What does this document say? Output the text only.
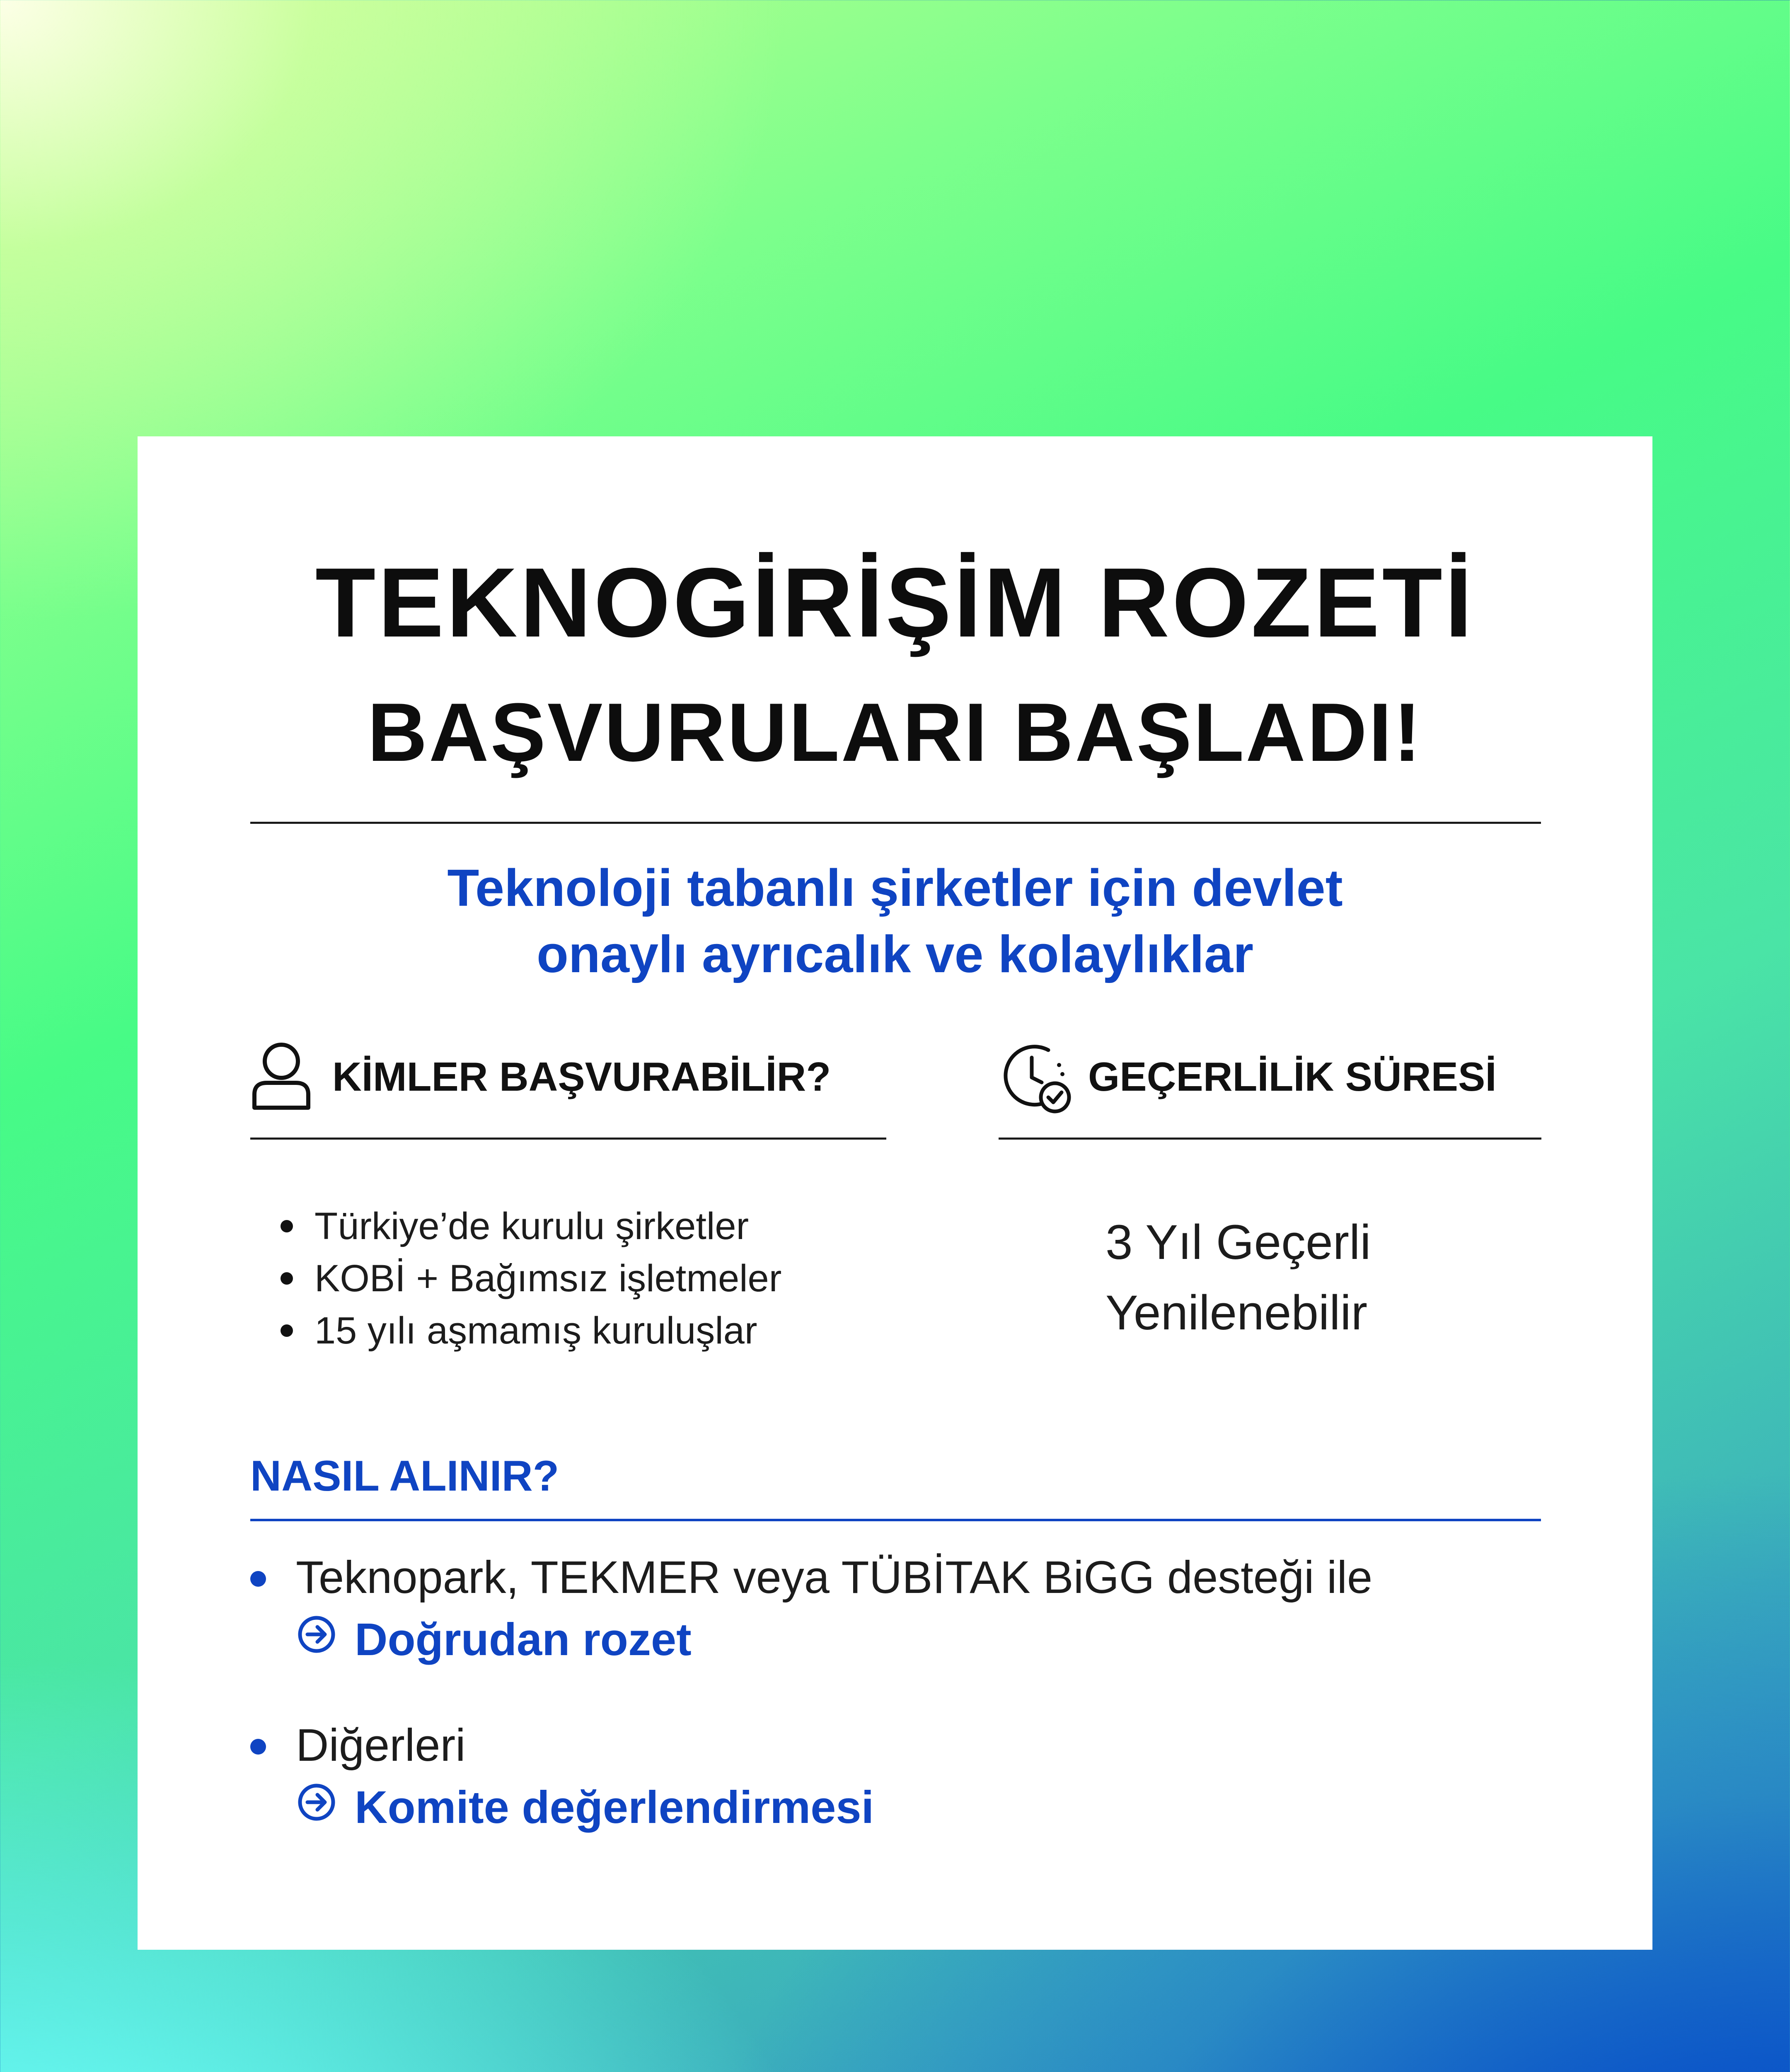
TEKNOGİRİŞİM ROZETİ
BAŞVURULARI BAŞLADI!
Teknoloji tabanlı şirketler için devlet
onaylı ayrıcalık ve kolaylıklar
KİMLER BAŞVURABİLİR?
Türkiye’de kurulu şirketler
KOBİ + Bağımsız işletmeler
15 yılı aşmamış kuruluşlar
GEÇERLİLİK SÜRESİ
3 Yıl Geçerli
Yenilenebilir
NASIL ALINIR?
Teknopark, TEKMER veya TÜBİTAK BiGG desteği ile
Doğrudan rozet
Diğerleri
Komite değerlendirmesi
